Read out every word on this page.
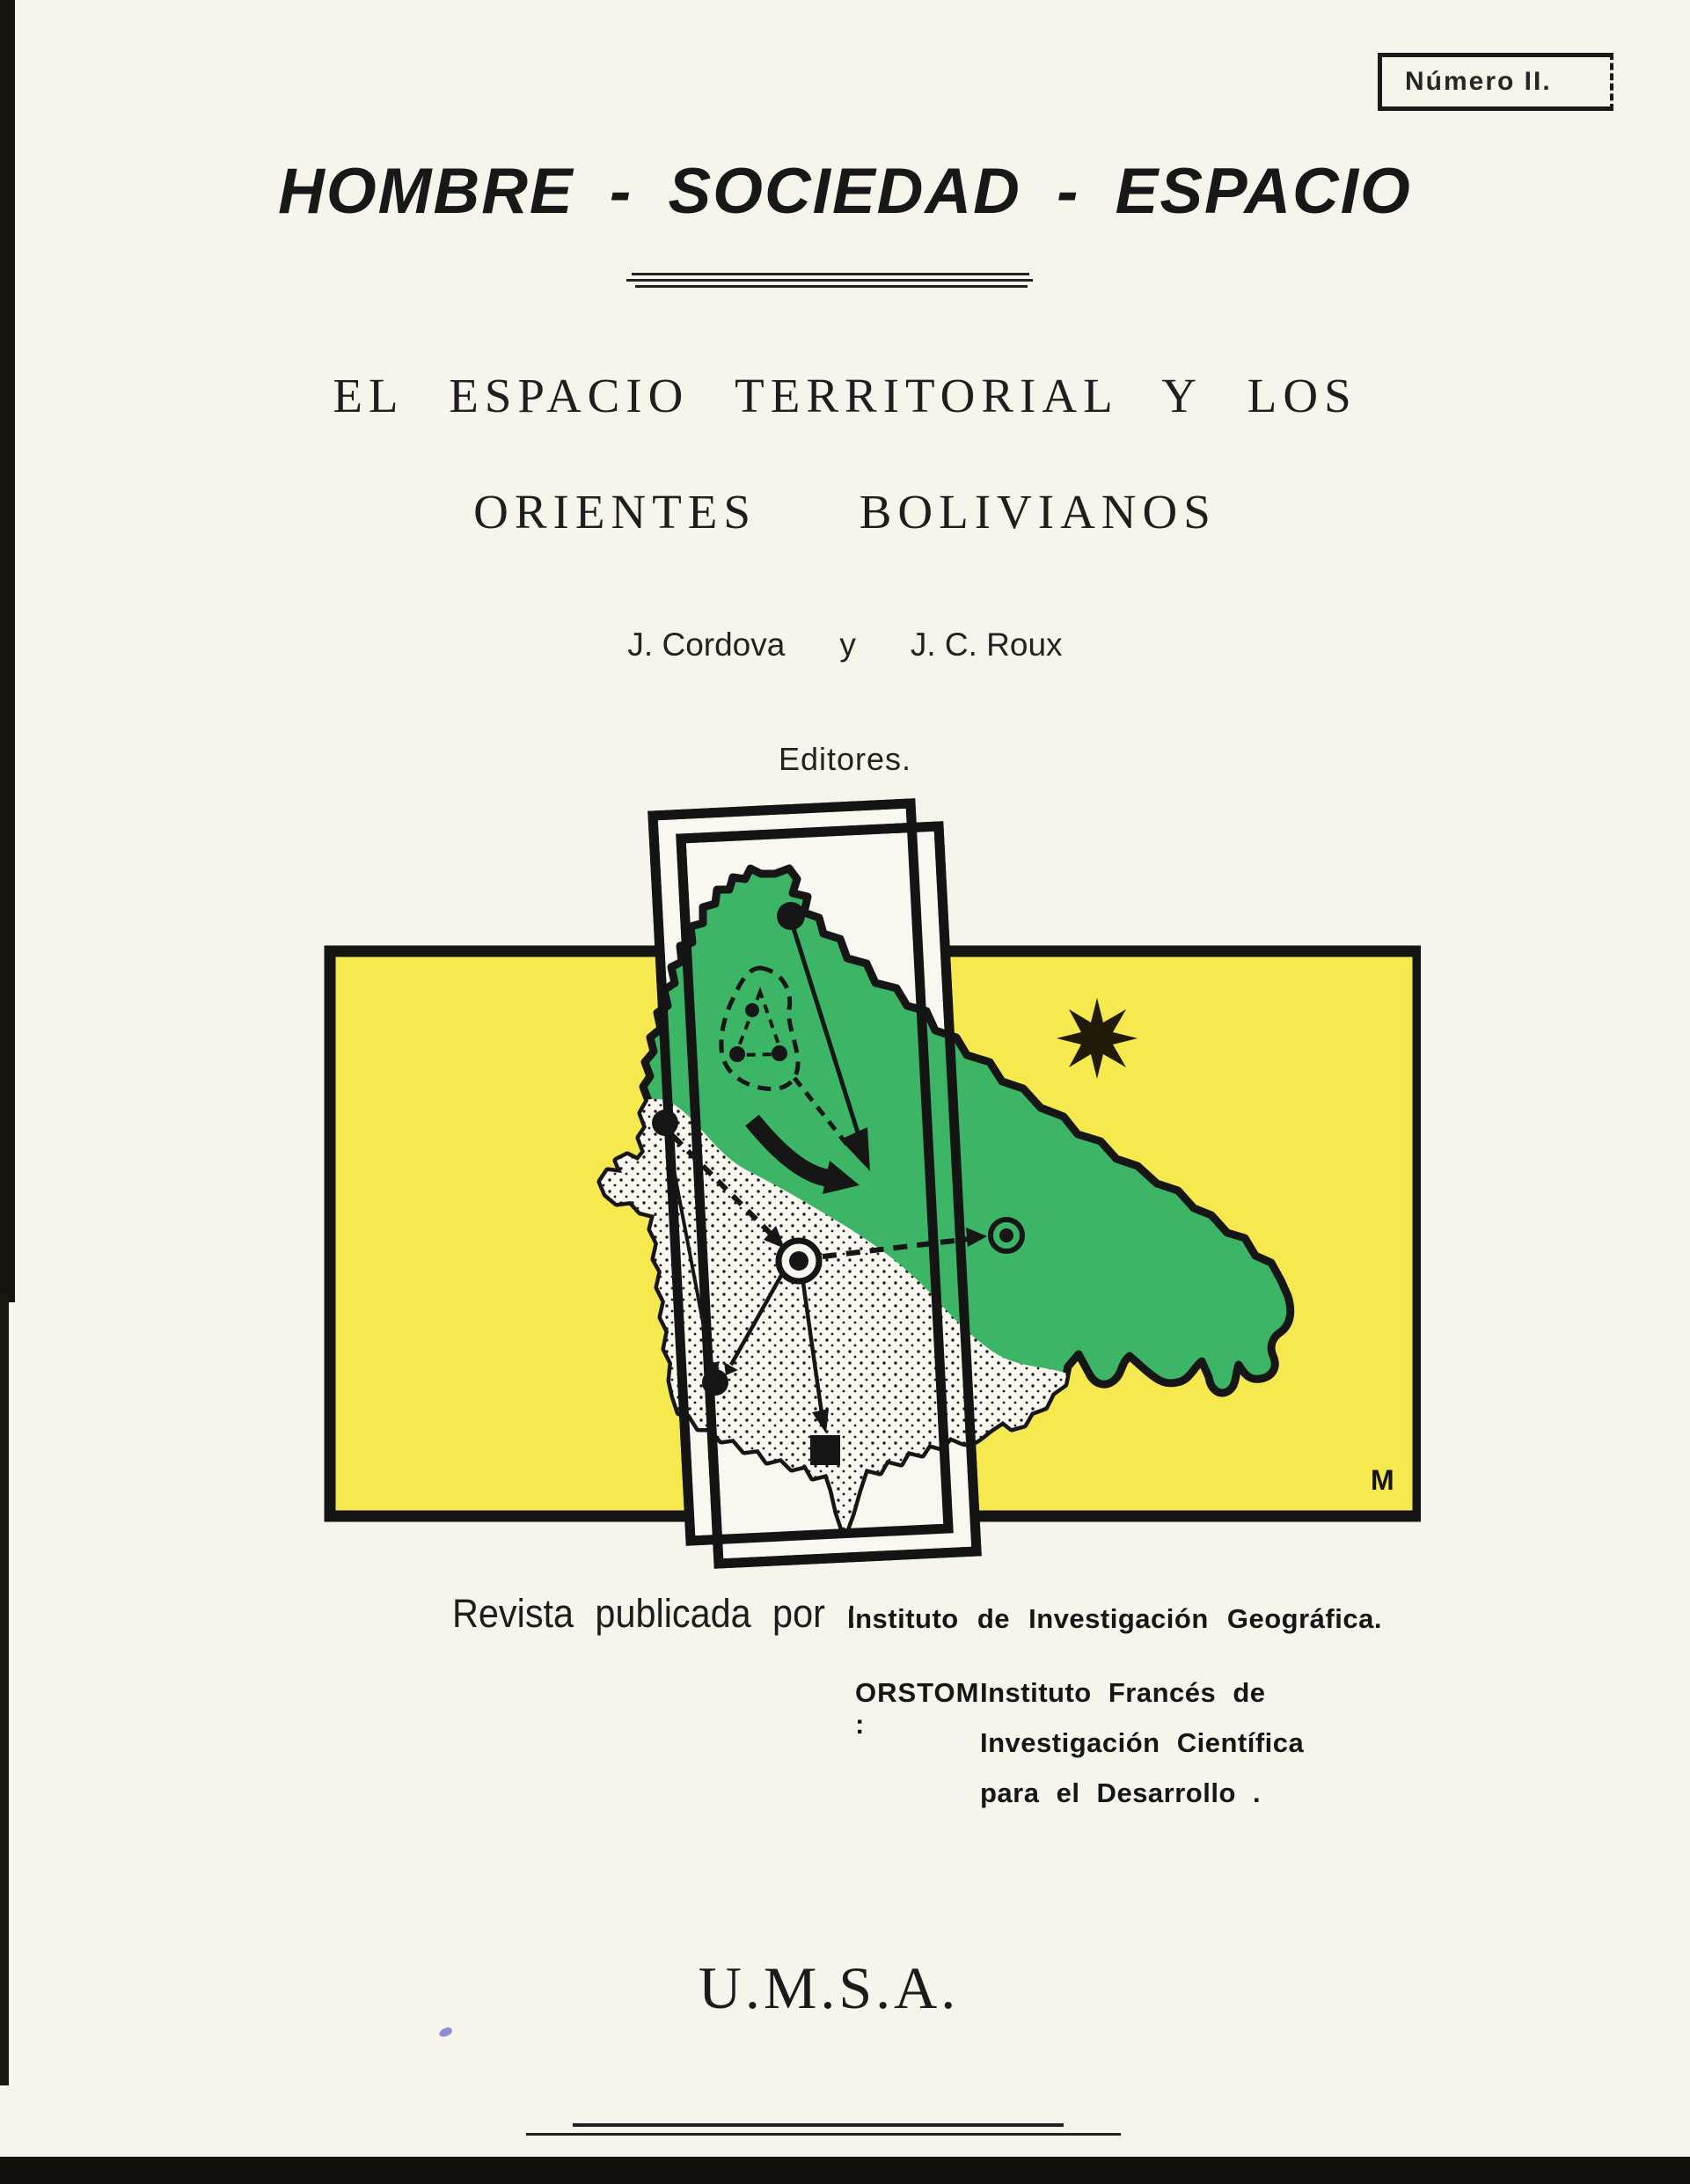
Número II.
HOMBRE - SOCIEDAD - ESPACIO
EL ESPACIO TERRITORIAL Y LOS
ORIENTES BOLIVIANOS
J. Cordova y J. C. Roux
Editores.
M
Revista publicada por :
Instituto de Investigación Geográfica.
ORSTOM :
Instituto Francés de
Investigación Científica
para el Desarrollo .
U.M.S.A.
